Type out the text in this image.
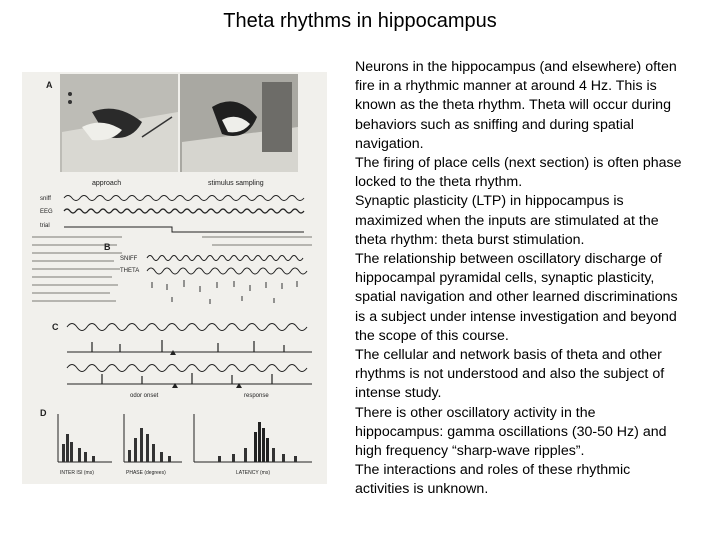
Theta rhythms in hippocampus
A
approach	stimulus sampling
sniff
EEG
trial
B
SNIFF
THETA
C
odor onset	response
D
INTER ISI (ms)	PHASE (degrees)	LATENCY (ms)

Neurons in the hippocampus (and elsewhere) often fire in a rhythmic manner at around 4 Hz. This is known as the theta rhythm. Theta will occur during behaviors such as sniffing and during spatial navigation.

The firing of place cells (next section) is often phase locked to the theta rhythm.

Synaptic plasticity (LTP) in hippocampus is maximized when the inputs are stimulated at the theta rhythm: theta burst stimulation.

The relationship between oscillatory discharge of hippocampal pyramidal cells, synaptic plasticity, spatial navigation and other learned discriminations is a subject under intense investigation and beyond the scope of this course.

The cellular and network basis of theta and other rhythms is not understood and also the subject of intense study.

There is other oscillatory activity in the hippocampus: gamma oscillations (30-50 Hz) and high frequency “sharp-wave ripples”.

The interactions and roles of these rhythmic activities is unknown.
